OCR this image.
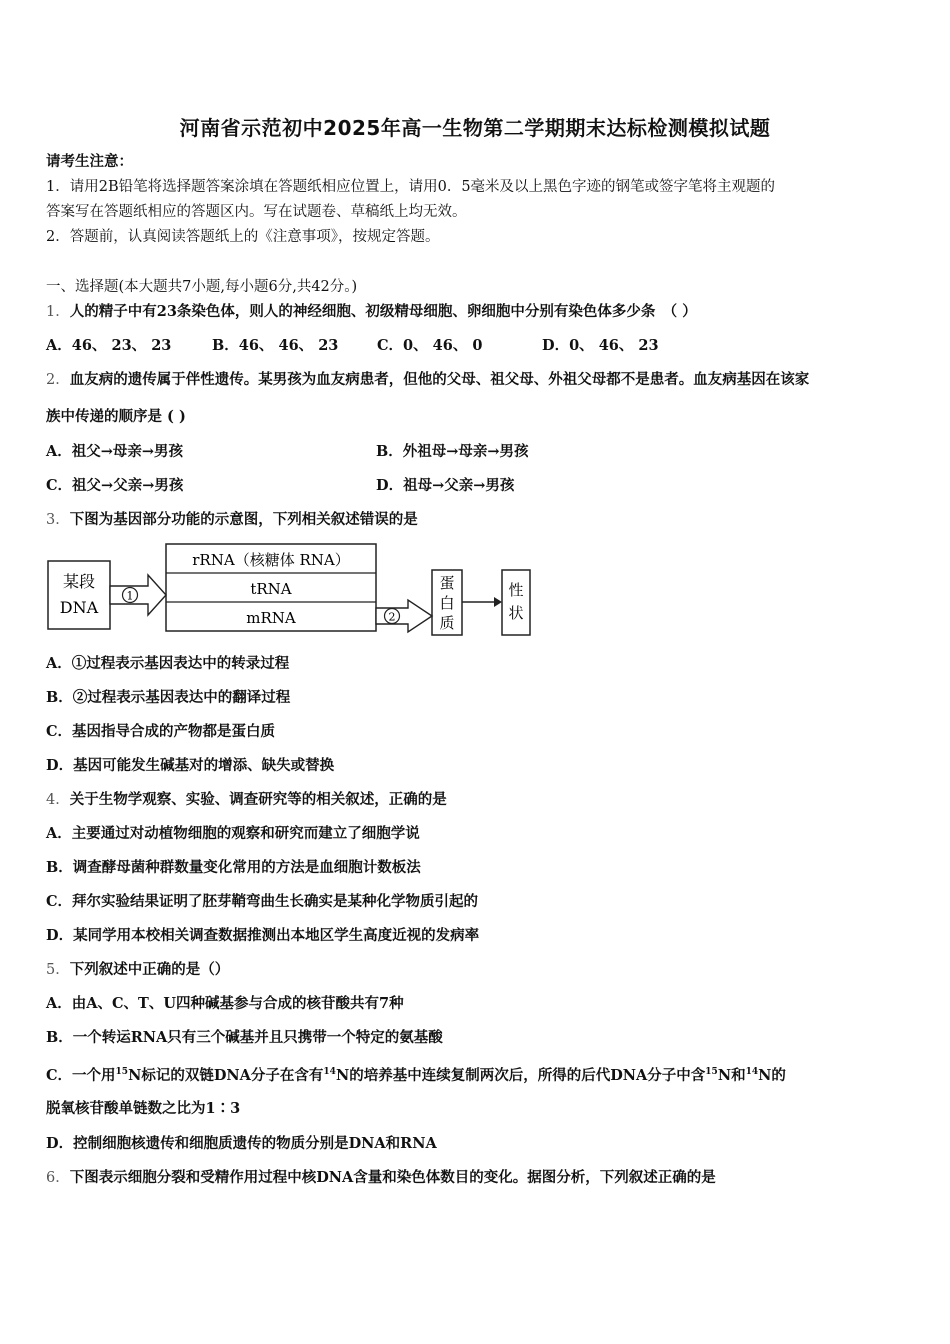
河南省示范初中2025年高一生物第二学期期末达标检测模拟试题
请考生注意：
1．请用2B铅笔将选择题答案涂填在答题纸相应位置上，请用0．5毫米及以上黑色字迹的钢笔或签字笔将主观题的
答案写在答题纸相应的答题区内。写在试题卷、草稿纸上均无效。
2．答题前，认真阅读答题纸上的《注意事项》，按规定答题。
一、选择题(本大题共7小题,每小题6分,共42分。)
1．人的精子中有23条染色体，则人的神经细胞、初级精母细胞、卵细胞中分别有染色体多少条　（ ）
A．46、 23、 23	B．46、 46、 23	C．0、 46、 0	D．0、 46、 23
2．血友病的遗传属于伴性遗传。某男孩为血友病患者，但他的父母、祖父母、外祖父母都不是患者。血友病基因在该家
族中传递的顺序是 ( )
A．祖父→母亲→男孩	B．外祖母→母亲→男孩
C．祖父→父亲→男孩	D．祖母→父亲→男孩
3．下图为基因部分功能的示意图，下列相关叙述错误的是
某段
DNA
1
rRNA（核糖体 RNA）
tRNA
mRNA	2
蛋
白
质
性
状
A．①过程表示基因表达中的转录过程
B．②过程表示基因表达中的翻译过程
C．基因指导合成的产物都是蛋白质
D．基因可能发生碱基对的增添、缺失或替换
4．关于生物学观察、实验、调查研究等的相关叙述，正确的是
A．主要通过对动植物细胞的观察和研究而建立了细胞学说
B．调查酵母菌种群数量变化常用的方法是血细胞计数板法
C．拜尔实验结果证明了胚芽鞘弯曲生长确实是某种化学物质引起的
D．某同学用本校相关调查数据推测出本地区学生高度近视的发病率
5．下列叙述中正确的是（）
A．由A、C、T、U四种碱基参与合成的核苷酸共有7种
B．一个转运RNA只有三个碱基并且只携带一个特定的氨基酸
C．一个用$^{15}$N标记的双链DNA分子在含有$^{14}$N的培养基中连续复制两次后，所得的后代DNA分子中含$^{15}$N和$^{14}$N的
脱氧核苷酸单链数之比为1∶3
D．控制细胞核遗传和细胞质遗传的物质分别是DNA和RNA
6．下图表示细胞分裂和受精作用过程中核DNA含量和染色体数目的变化。据图分析，下列叙述正确的是
